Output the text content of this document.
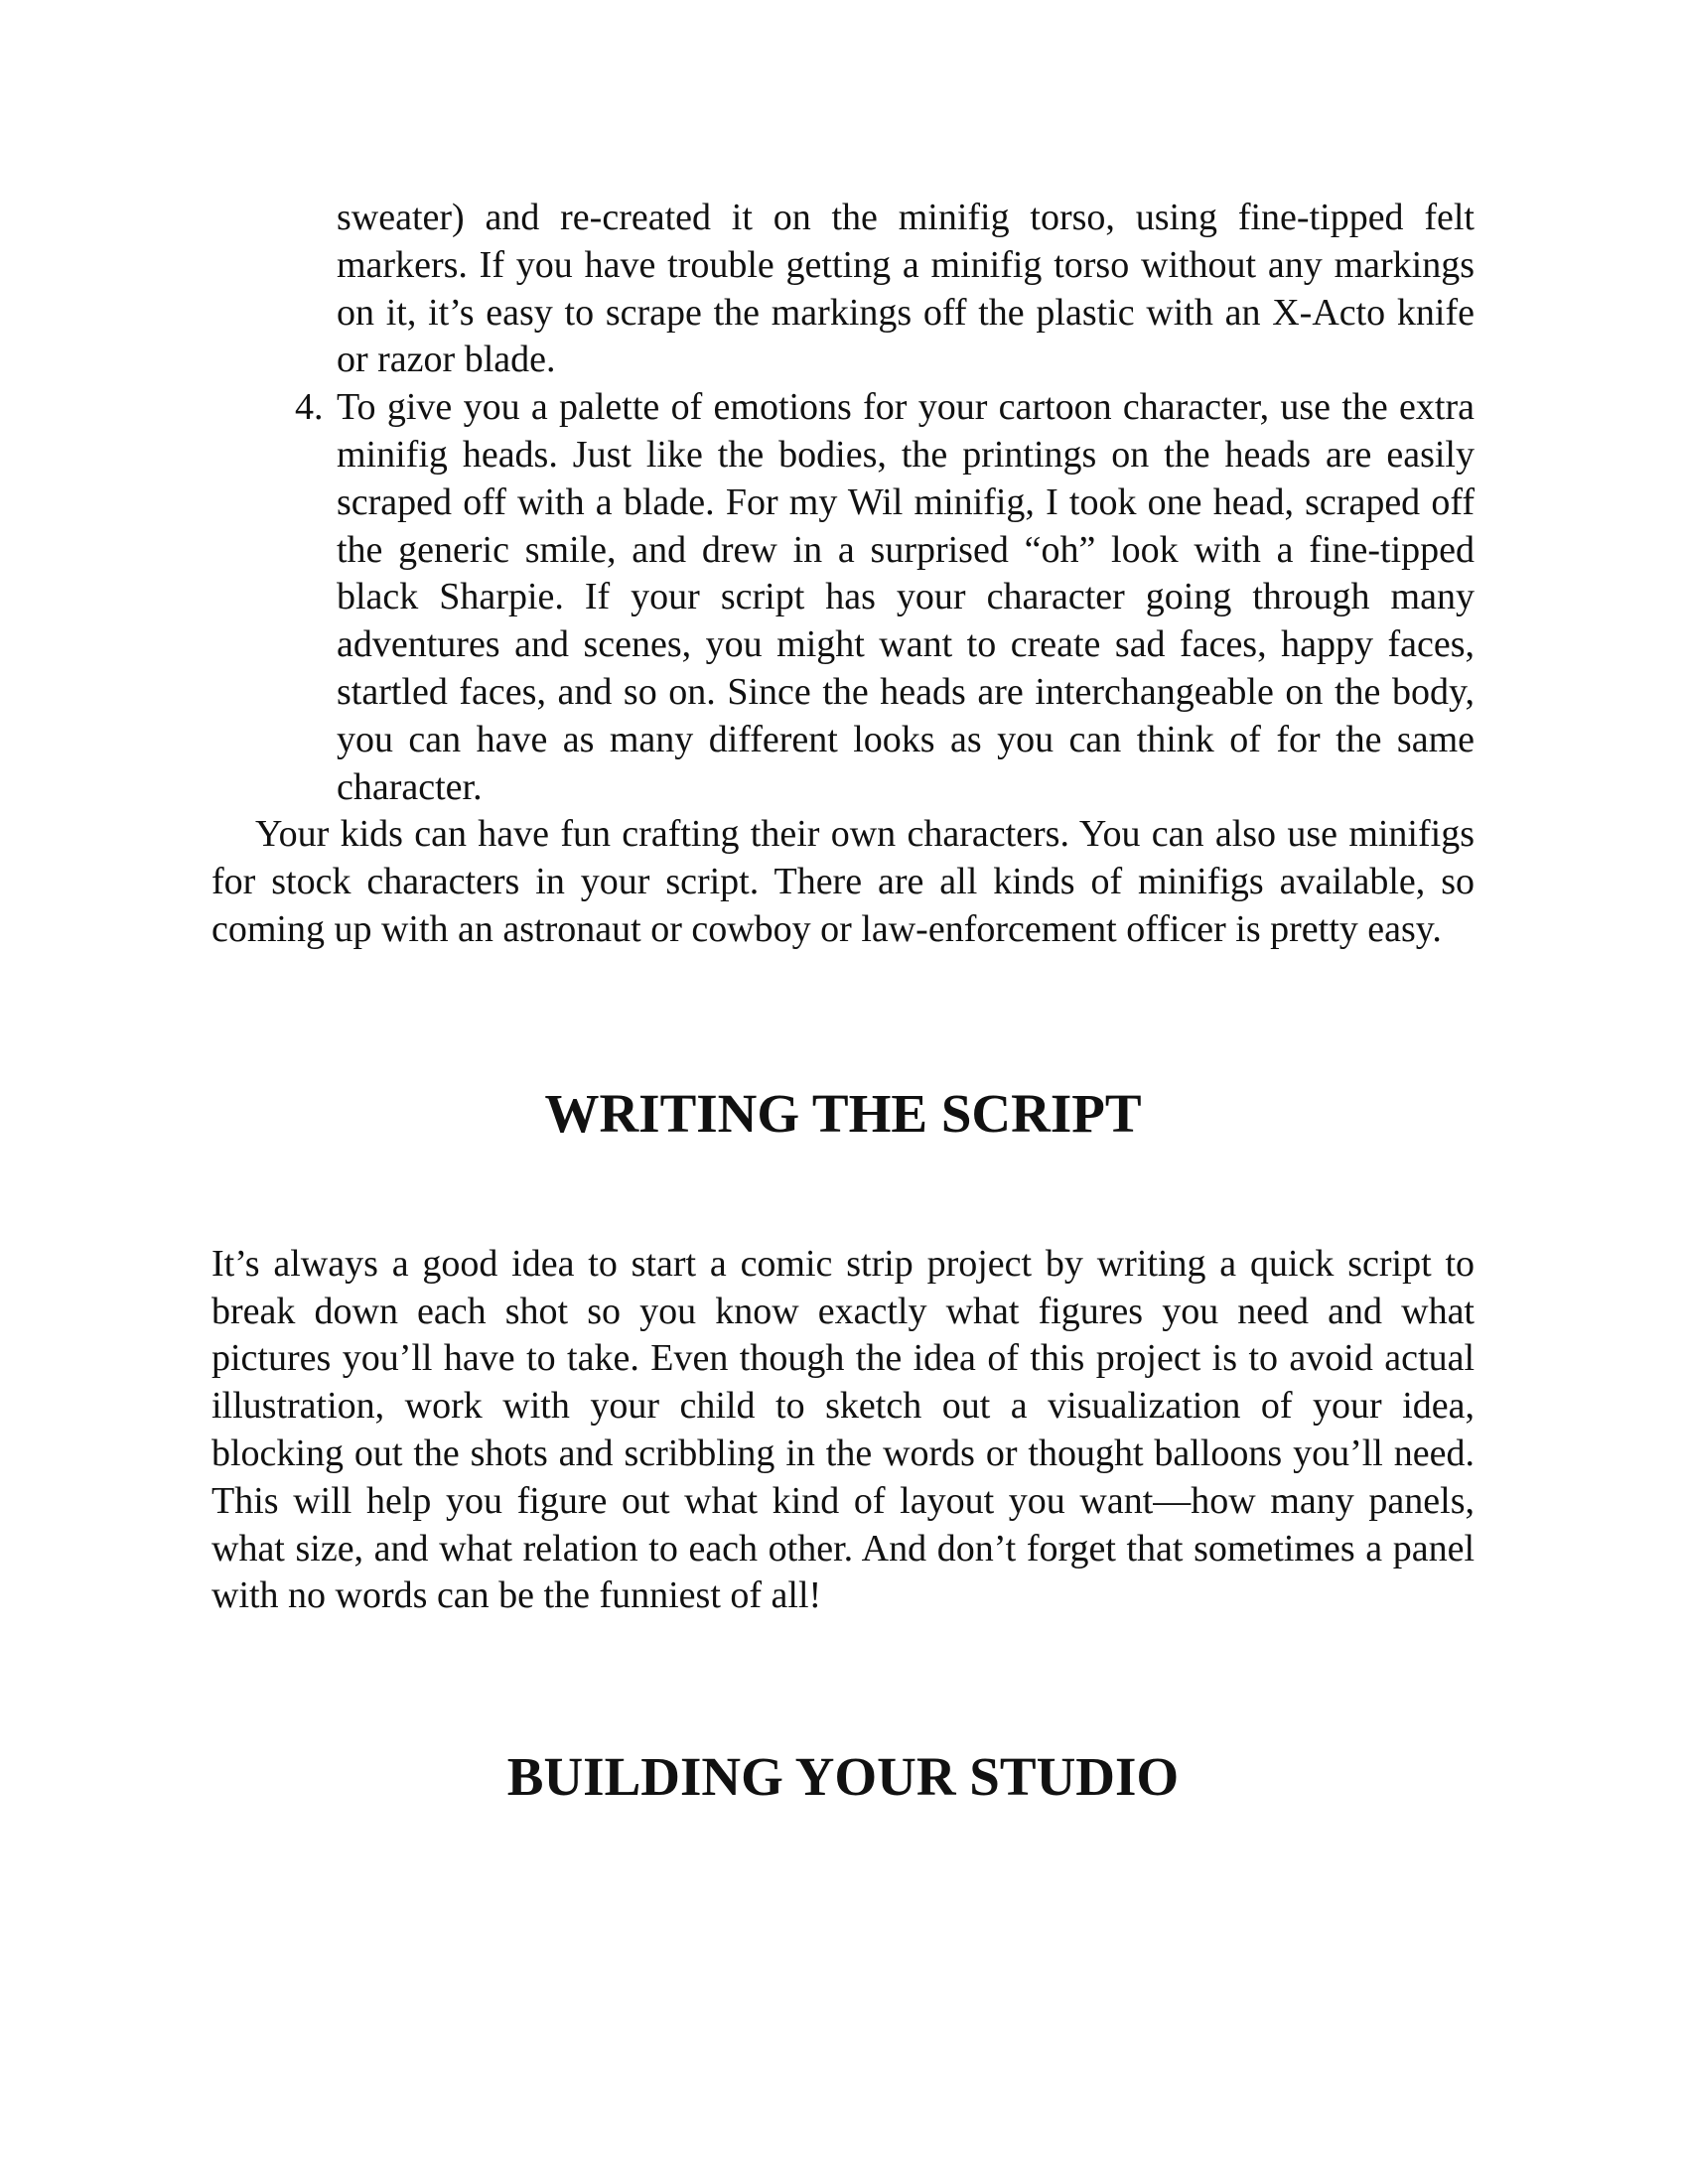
sweater) and re-created it on the minifig torso, using fine-tipped felt markers. If you have trouble getting a minifig torso without any markings on it, it’s easy to scrape the markings off the plastic with an X-Acto knife or razor blade.

4. To give you a palette of emotions for your cartoon character, use the extra minifig heads. Just like the bodies, the printings on the heads are easily scraped off with a blade. For my Wil minifig, I took one head, scraped off the generic smile, and drew in a surprised “oh” look with a fine-tipped black Sharpie. If your script has your character going through many adventures and scenes, you might want to create sad faces, happy faces, startled faces, and so on. Since the heads are interchangeable on the body, you can have as many different looks as you can think of for the same character.

Your kids can have fun crafting their own characters. You can also use minifigs for stock characters in your script. There are all kinds of minifigs available, so coming up with an astronaut or cowboy or law-enforcement officer is pretty easy.

WRITING THE SCRIPT

It’s always a good idea to start a comic strip project by writing a quick script to break down each shot so you know exactly what figures you need and what pictures you’ll have to take. Even though the idea of this project is to avoid actual illustration, work with your child to sketch out a visualization of your idea, blocking out the shots and scribbling in the words or thought balloons you’ll need. This will help you figure out what kind of layout you want—how many panels, what size, and what relation to each other. And don’t forget that sometimes a panel with no words can be the funniest of all!

BUILDING YOUR STUDIO
